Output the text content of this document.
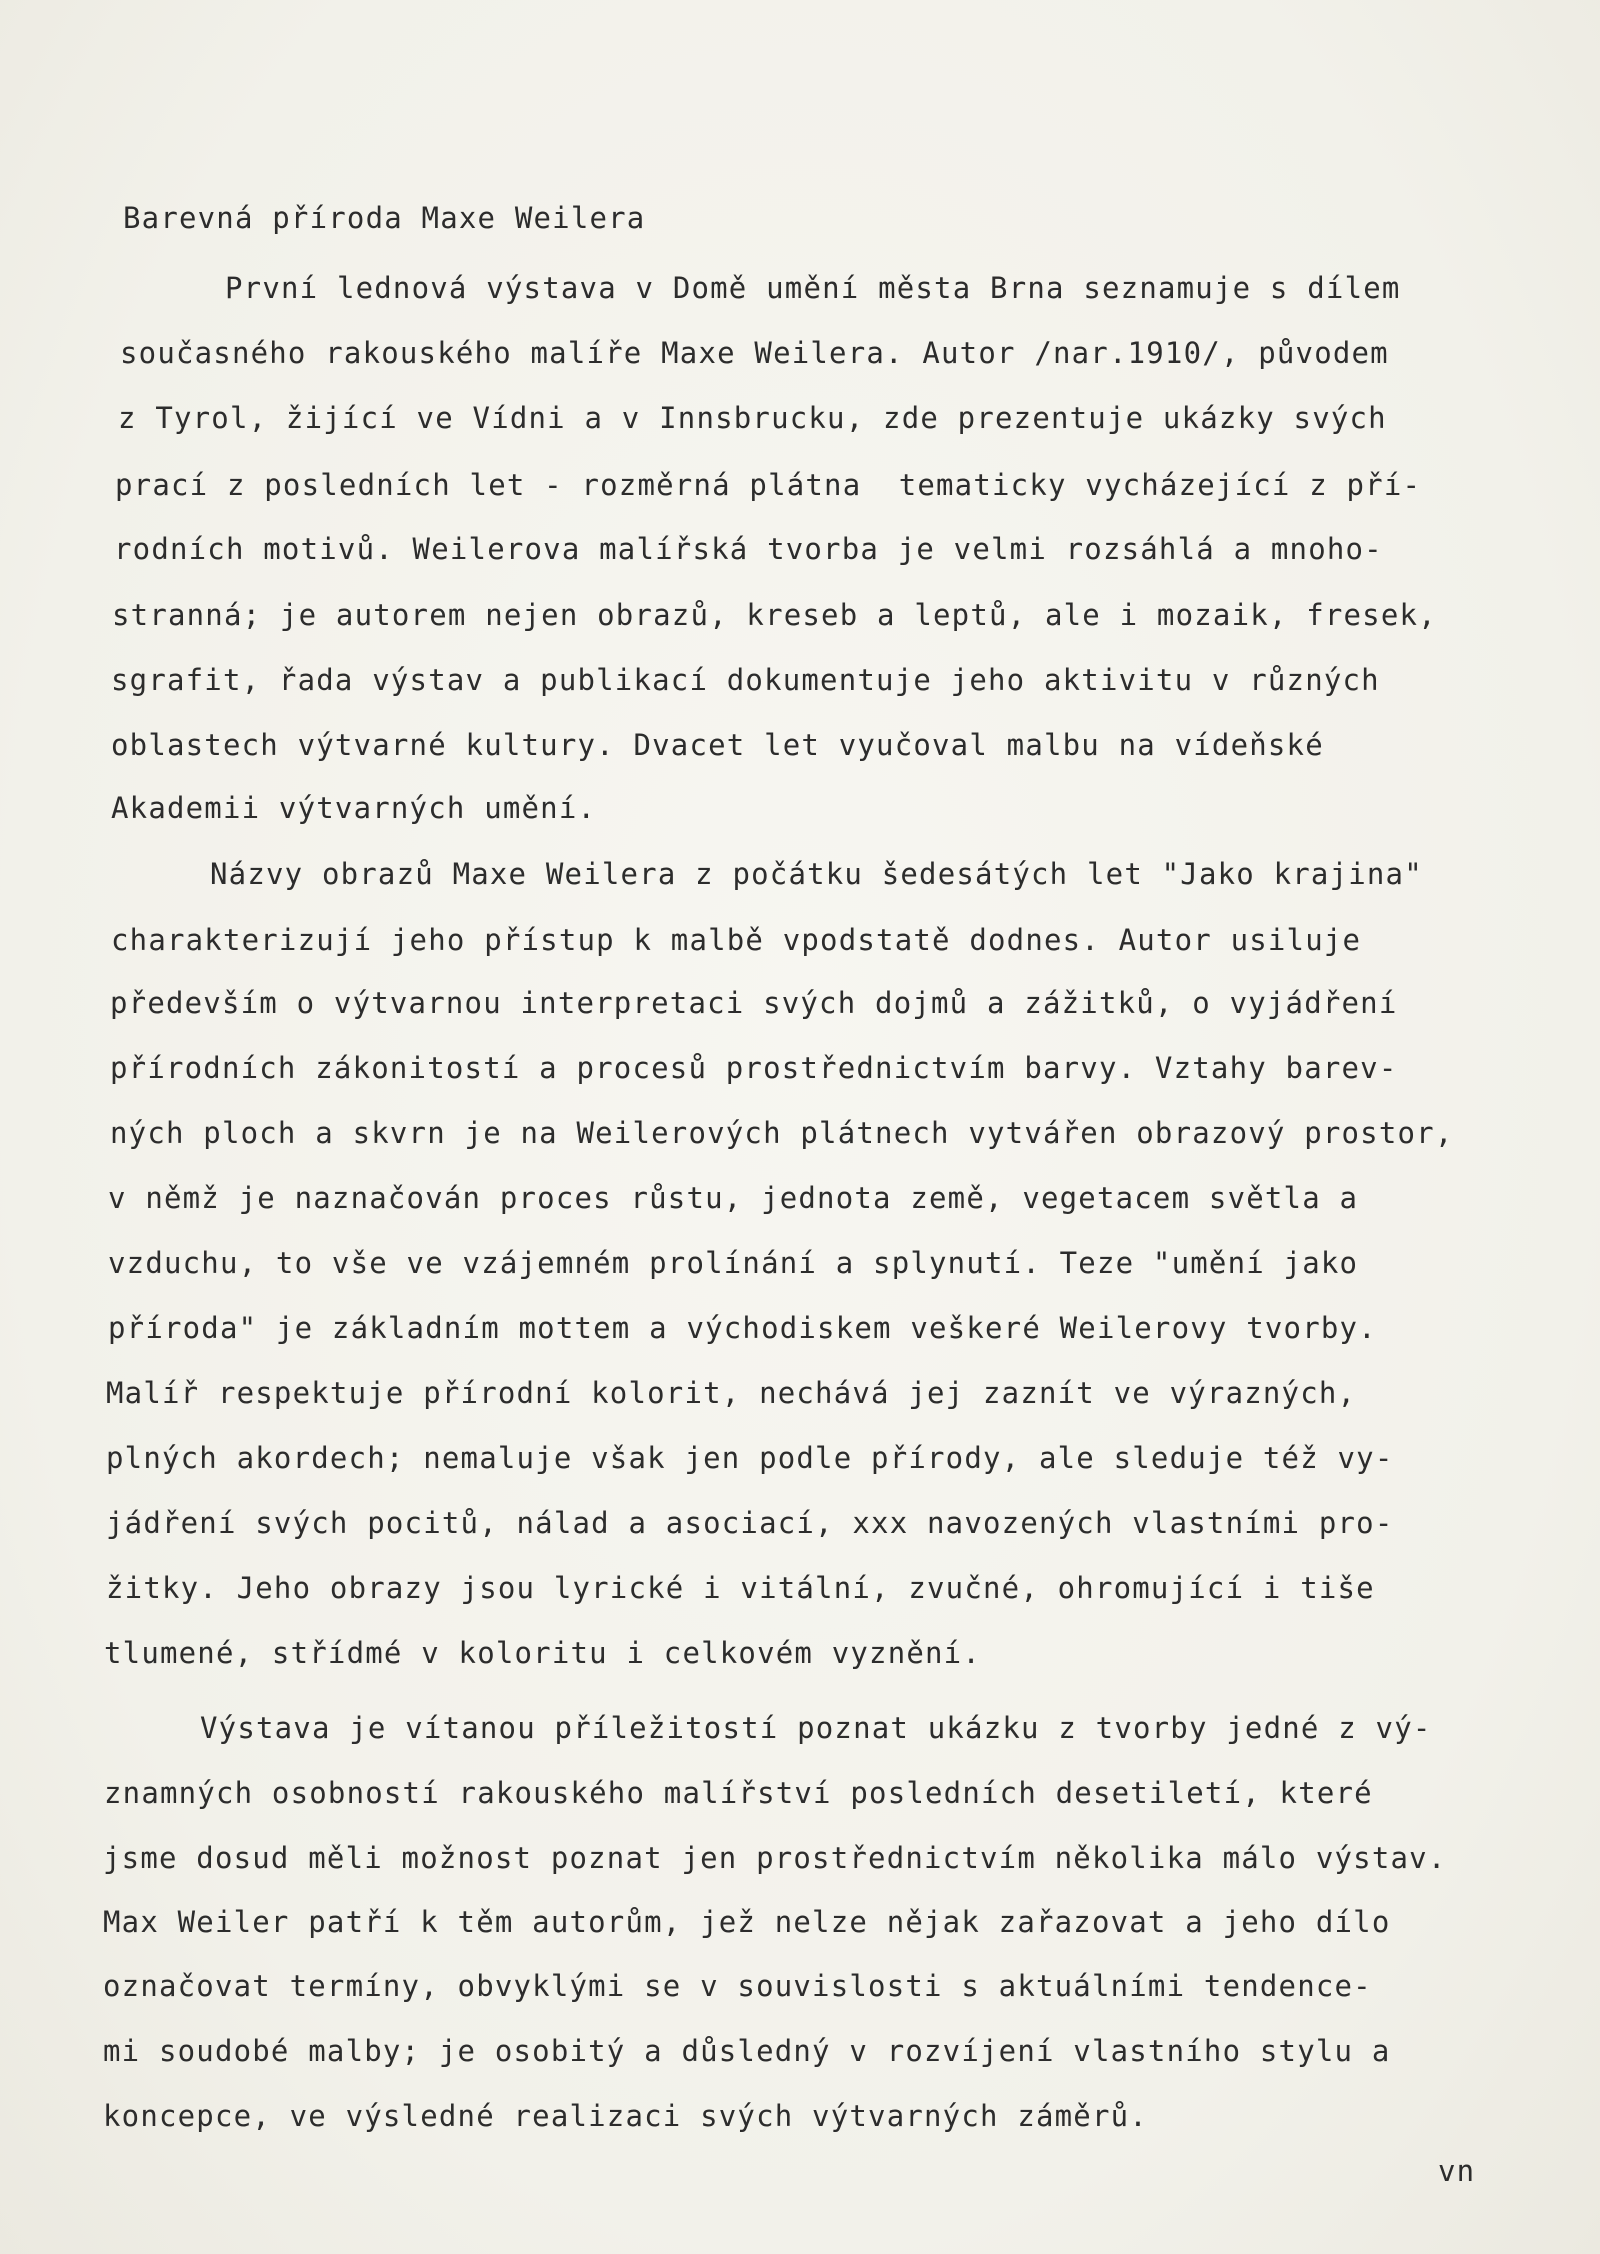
Barevná příroda Maxe Weilera
První lednová výstava v Domě umění města Brna seznamuje s dílem
současného rakouského malíře Maxe Weilera. Autor /nar.1910/, původem
z Tyrol, žijící ve Vídni a v Innsbrucku, zde prezentuje ukázky svých
prací z posledních let - rozměrná plátna  tematicky vycházející z pří-
rodních motivů. Weilerova malířská tvorba je velmi rozsáhlá a mnoho-
stranná; je autorem nejen obrazů, kreseb a leptů, ale i mozaik, fresek,
sgrafit, řada výstav a publikací dokumentuje jeho aktivitu v různých
oblastech výtvarné kultury. Dvacet let vyučoval malbu na vídeňské
Akademii výtvarných umění.
Názvy obrazů Maxe Weilera z počátku šedesátých let "Jako krajina"
charakterizují jeho přístup k malbě vpodstatě dodnes. Autor usiluje
především o výtvarnou interpretaci svých dojmů a zážitků, o vyjádření
přírodních zákonitostí a procesů prostřednictvím barvy. Vztahy barev-
ných ploch a skvrn je na Weilerových plátnech vytvářen obrazový prostor,
v němž je naznačován proces růstu, jednota země, vegetacem světla a
vzduchu, to vše ve vzájemném prolínání a splynutí. Teze "umění jako
příroda" je základním mottem a východiskem veškeré Weilerovy tvorby.
Malíř respektuje přírodní kolorit, nechává jej zaznít ve výrazných,
plných akordech; nemaluje však jen podle přírody, ale sleduje též vy-
jádření svých pocitů, nálad a asociací, xxx navozených vlastními pro-
žitky. Jeho obrazy jsou lyrické i vitální, zvučné, ohromující i tiše
tlumené, střídmé v koloritu i celkovém vyznění.
Výstava je vítanou příležitostí poznat ukázku z tvorby jedné z vý-
znamných osobností rakouského malířství posledních desetiletí, které
jsme dosud měli možnost poznat jen prostřednictvím několika málo výstav.
Max Weiler patří k těm autorům, jež nelze nějak zařazovat a jeho dílo
označovat termíny, obvyklými se v souvislosti s aktuálními tendence-
mi soudobé malby; je osobitý a důsledný v rozvíjení vlastního stylu a
koncepce, ve výsledné realizaci svých výtvarných záměrů.
vn
